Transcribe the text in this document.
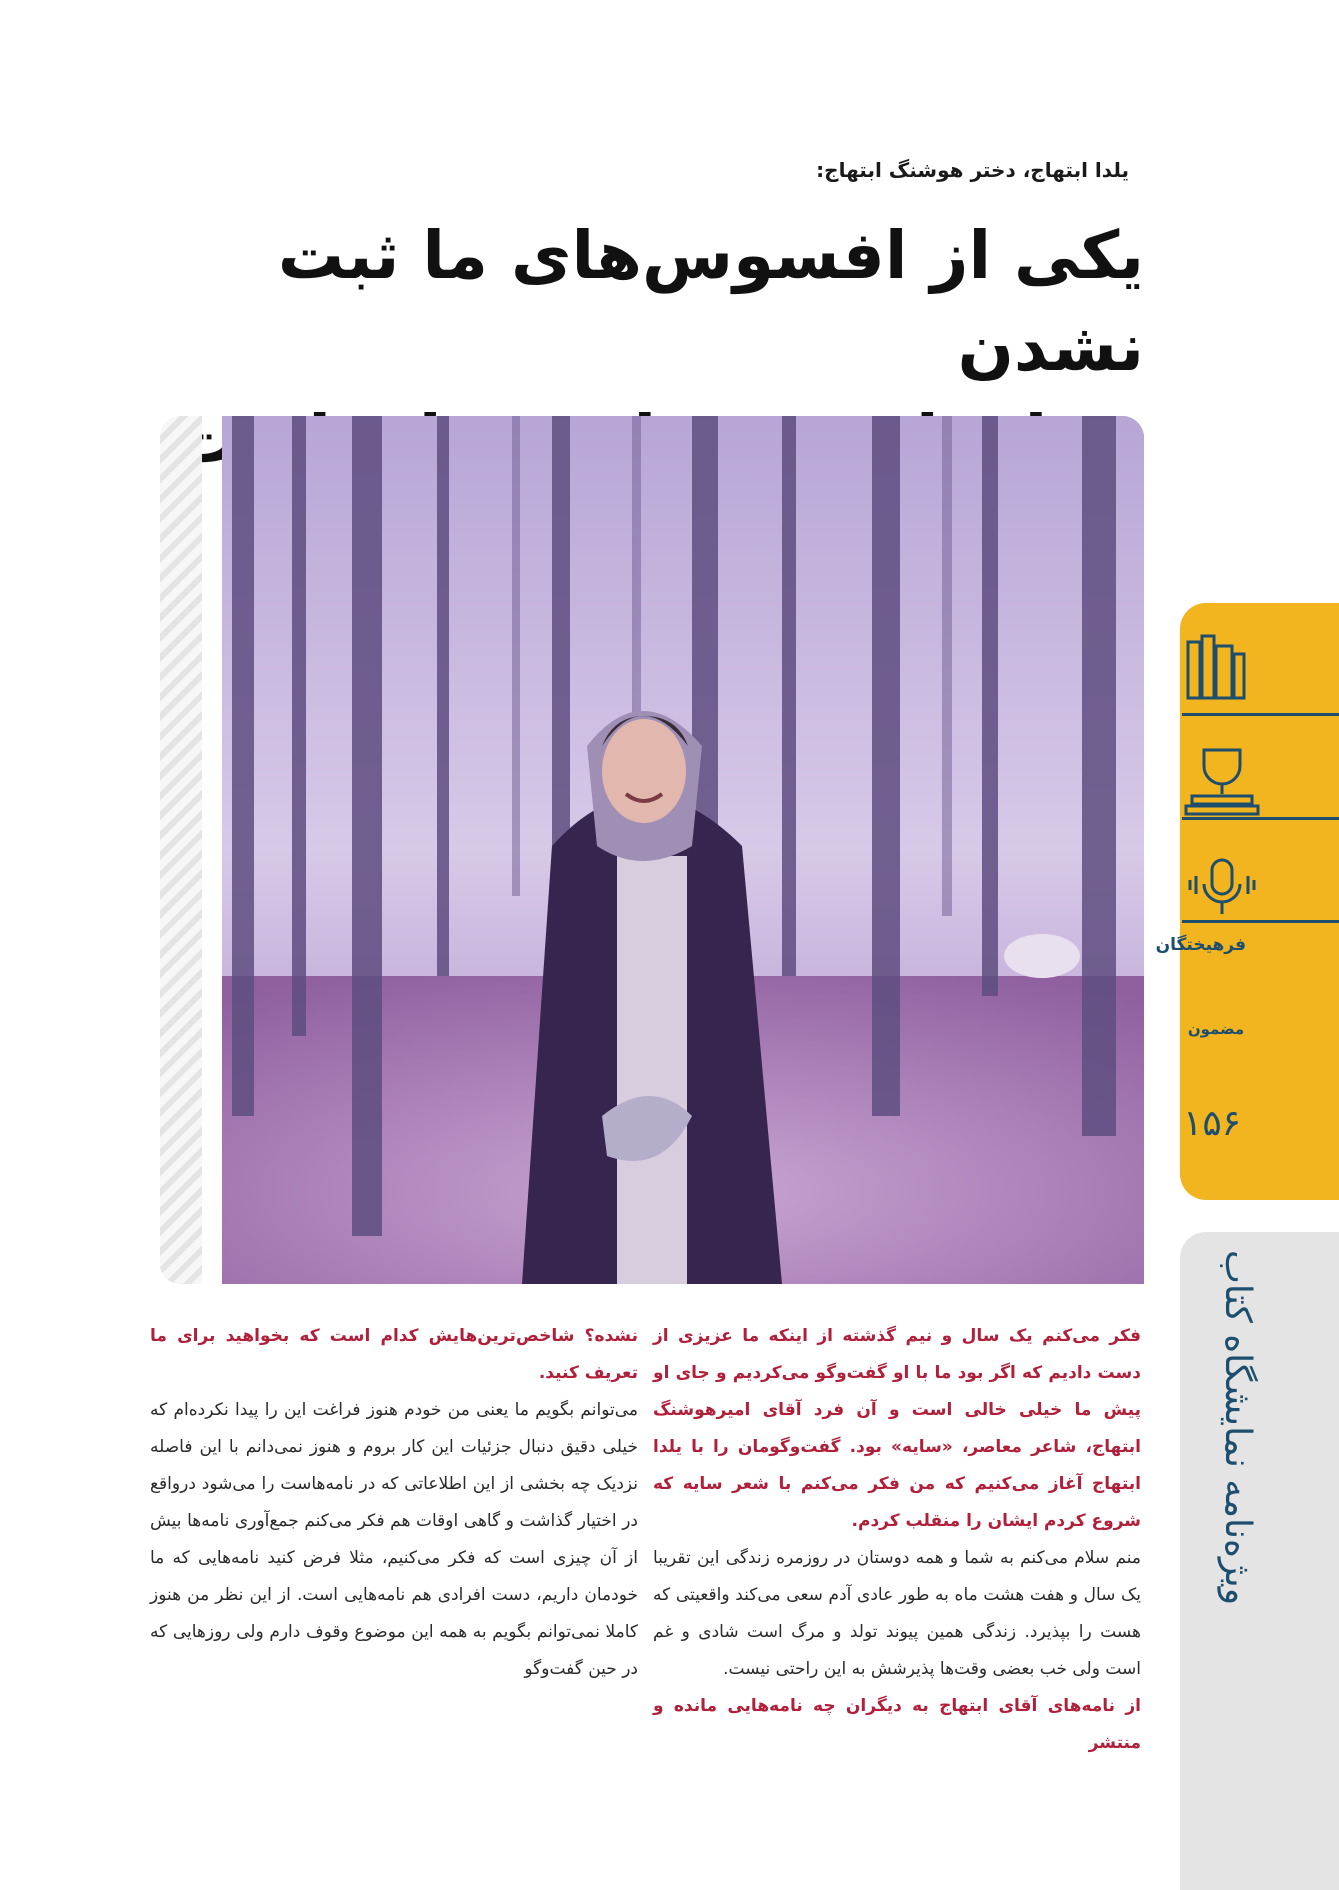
یلدا ابتهاج، دختر هوشنگ ابتهاج:
یکی از افسوس‌های ما ثبت نشدن

فرهیختگان
مضمون
۱۵۶
ویژه‌نامه نمایشگاه کتاب

فکر می‌کنم یک سال و نیم گذشته از اینکه ما عزیزی از دست دادیم که اگر بود ما با او گفت‌وگو می‌کردیم و جای او پیش ما خیلی خالی است و آن فرد آقای امیرهوشنگ ابتهاج، شاعر معاصر، «سایه» بود. گفت‌وگومان را با یلدا ابتهاج آغاز می‌کنیم که من فکر می‌کنم با شعر سایه که شروع کردم ایشان را منقلب کردم.

منم سلام می‌کنم به شما و همه دوستان در روزمره زندگی این تقریبا یک سال و هفت هشت ماه به طور عادی آدم سعی می‌کند واقعیتی که هست را بپذیرد. زندگی همین پیوند تولد و مرگ است شادی و غم است ولی خب بعضی وقت‌ها پذیرشش به این راحتی نیست.

از نامه‌های آقای ابتهاج به دیگران چه نامه‌هایی مانده و منتشر

نشده؟ شاخص‌ترین‌هایش کدام است که بخواهید برای ما تعریف کنید.

می‌توانم بگویم ما یعنی من خودم هنوز فراغت این را پیدا نکرده‌ام که خیلی دقیق دنبال جزئیات این کار بروم و هنوز نمی‌دانم با این فاصله نزدیک چه بخشی از این اطلاعاتی که در نامه‌هاست را می‌شود درواقع در اختیار گذاشت و گاهی اوقات هم فکر می‌کنم جمع‌آوری نامه‌ها بیش از آن چیزی است که فکر می‌کنیم، مثلا فرض کنید نامه‌هایی که ما خودمان داریم، دست افرادی هم نامه‌هایی است. از این نظر من هنوز کاملا نمی‌توانم بگویم به همه این موضوع وقوف دارم ولی روزهایی که در حین گفت‌وگو
